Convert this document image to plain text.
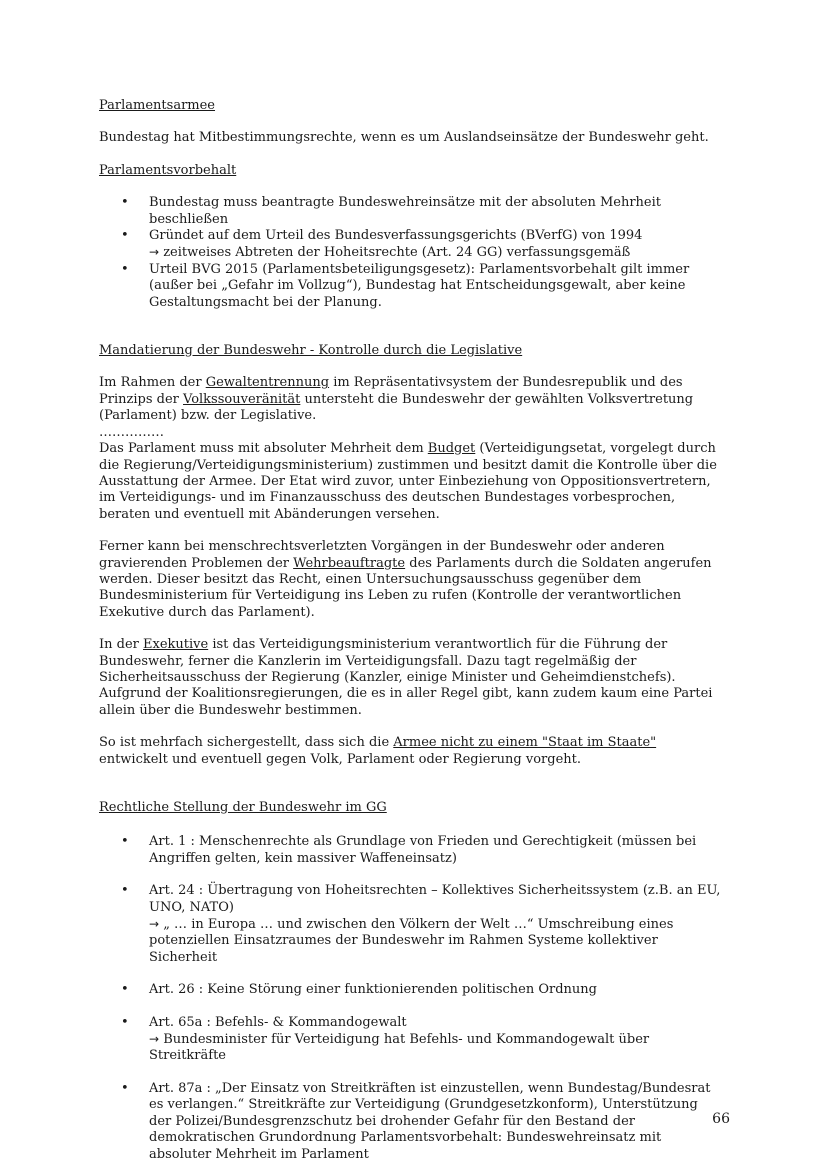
Parlamentsarmee

Bundestag hat Mitbestimmungsrechte, wenn es um Auslandseinsätze der Bundeswehr geht.

Parlamentsvorbehalt

• Bundestag muss beantragte Bundeswehreinsätze mit der absoluten Mehrheit beschließen
• Gründet auf dem Urteil des Bundesverfassungsgerichts (BVerfG) von 1994
→ zeitweises Abtreten der Hoheitsrechte (Art. 24 GG) verfassungsgemäß
• Urteil BVG 2015 (Parlamentsbeteiligungsgesetz): Parlamentsvorbehalt gilt immer (außer bei „Gefahr im Vollzug“), Bundestag hat Entscheidungsgewalt, aber keine Gestaltungsmacht bei der Planung.

Mandatierung der Bundeswehr - Kontrolle durch die Legislative

Im Rahmen der Gewaltentrennung im Repräsentativsystem der Bundesrepublik und des Prinzips der Volkssouveränität untersteht die Bundeswehr der gewählten Volksvertretung (Parlament) bzw. der Legislative.

……………

Das Parlament muss mit absoluter Mehrheit dem Budget (Verteidigungsetat, vorgelegt durch die Regierung/Verteidigungsministerium) zustimmen und besitzt damit die Kontrolle über die Ausstattung der Armee. Der Etat wird zuvor, unter Einbeziehung von Oppositionsvertretern, im Verteidigungs- und im Finanzausschuss des deutschen Bundestages vorbesprochen, beraten und eventuell mit Abänderungen versehen.

Ferner kann bei menschrechtsverletzten Vorgängen in der Bundeswehr oder anderen gravierenden Problemen der Wehrbeauftragte des Parlaments durch die Soldaten angerufen werden. Dieser besitzt das Recht, einen Untersuchungsausschuss gegenüber dem Bundesministerium für Verteidigung ins Leben zu rufen (Kontrolle der verantwortlichen Exekutive durch das Parlament).

In der Exekutive ist das Verteidigungsministerium verantwortlich für die Führung der Bundeswehr, ferner die Kanzlerin im Verteidigungsfall. Dazu tagt regelmäßig der Sicherheitsausschuss der Regierung (Kanzler, einige Minister und Geheimdienstchefs). Aufgrund der Koalitionsregierungen, die es in aller Regel gibt, kann zudem kaum eine Partei allein über die Bundeswehr bestimmen.

So ist mehrfach sichergestellt, dass sich die Armee nicht zu einem "Staat im Staate" entwickelt und eventuell gegen Volk, Parlament oder Regierung vorgeht.

Rechtliche Stellung der Bundeswehr im GG

• Art. 1 : Menschenrechte als Grundlage von Frieden und Gerechtigkeit (müssen bei Angriffen gelten, kein massiver Waffeneinsatz)
• Art. 24 : Übertragung von Hoheitsrechten – Kollektives Sicherheitssystem (z.B. an EU, UNO, NATO)
→ „ … in Europa … und zwischen den Völkern der Welt …“ Umschreibung eines potenziellen Einsatzraumes der Bundeswehr im Rahmen Systeme kollektiver Sicherheit
• Art. 26 : Keine Störung einer funktionierenden politischen Ordnung
• Art. 65a : Befehls- & Kommandogewalt
→ Bundesminister für Verteidigung hat Befehls- und Kommandogewalt über Streitkräfte
• Art. 87a : „Der Einsatz von Streitkräften ist einzustellen, wenn Bundestag/Bundesrat es verlangen.“ Streitkräfte zur Verteidigung (Grundgesetzkonform), Unterstützung der Polizei/Bundesgrenzschutz bei drohender Gefahr für den Bestand der demokratischen Grundordnung Parlamentsvorbehalt: Bundeswehreinsatz mit absoluter Mehrheit im Parlament
66
